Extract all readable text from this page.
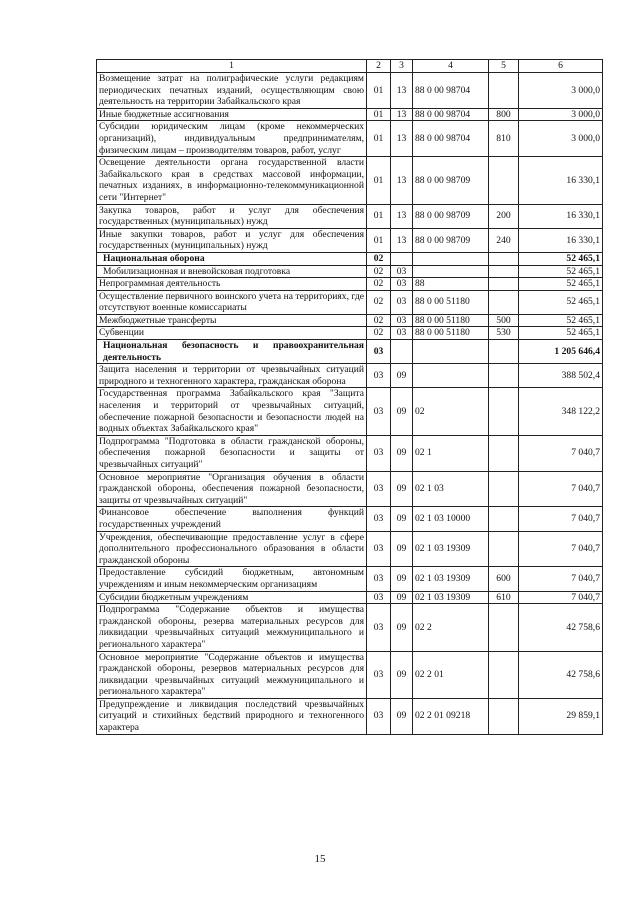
1	2	3	4	5	6
Возмещение затрат на полиграфические услуги редакциям периодических печатных изданий, осуществляющим свою деятельность на территории Забайкальского края	01	13	88 0 00 98704		3 000,0
Иные бюджетные ассигнования	01	13	88 0 00 98704	800	3 000,0
Субсидии юридическим лицам (кроме некоммерческих организаций), индивидуальным предпринимателям, физическим лицам – производителям товаров, работ, услуг	01	13	88 0 00 98704	810	3 000,0
Освещение деятельности органа государственной власти Забайкальского края в средствах массовой информации, печатных изданиях, в информационно-телекоммуникационной сети "Интернет"	01	13	88 0 00 98709		16 330,1
Закупка товаров, работ и услуг для обеспечения государственных (муниципальных) нужд	01	13	88 0 00 98709	200	16 330,1
Иные закупки товаров, работ и услуг для обеспечения государственных (муниципальных) нужд	01	13	88 0 00 98709	240	16 330,1
Национальная оборона	02				52 465,1
Мобилизационная и вневойсковая подготовка	02	03			52 465,1
Непрограммная деятельность	02	03	88		52 465,1
Осуществление первичного воинского учета на территориях, где отсутствуют военные комиссариаты	02	03	88 0 00 51180		52 465,1
Межбюджетные трансферты	02	03	88 0 00 51180	500	52 465,1
Субвенции	02	03	88 0 00 51180	530	52 465,1
Национальная безопасность и правоохранительная деятельность	03				1 205 646,4
Защита населения и территории от чрезвычайных ситуаций природного и техногенного характера, гражданская оборона	03	09			388 502,4
Государственная программа Забайкальского края "Защита населения и территорий от чрезвычайных ситуаций, обеспечение пожарной безопасности и безопасности людей на водных объектах Забайкальского края"	03	09	02		348 122,2
Подпрограмма "Подготовка в области гражданской обороны, обеспечения пожарной безопасности и защиты от чрезвычайных ситуаций"	03	09	02 1		7 040,7
Основное мероприятие "Организация обучения в области гражданской обороны, обеспечения пожарной безопасности, защиты от чрезвычайных ситуаций"	03	09	02 1 03		7 040,7
Финансовое обеспечение выполнения функций государственных учреждений	03	09	02 1 03 10000		7 040,7
Учреждения, обеспечивающие предоставление услуг в сфере дополнительного профессионального образования в области гражданской обороны	03	09	02 1 03 19309		7 040,7
Предоставление субсидий бюджетным, автономным учреждениям и иным некоммерческим организациям	03	09	02 1 03 19309	600	7 040,7
Субсидии бюджетным учреждениям	03	09	02 1 03 19309	610	7 040,7
Подпрограмма "Содержание объектов и имущества гражданской обороны, резерва материальных ресурсов для ликвидации чрезвычайных ситуаций межмуниципального и регионального характера"	03	09	02 2		42 758,6
Основное мероприятие "Содержание объектов и имущества гражданской обороны, резервов материальных ресурсов для ликвидации чрезвычайных ситуаций межмуниципального и регионального характера"	03	09	02 2 01		42 758,6
Предупреждение и ликвидация последствий чрезвычайных ситуаций и стихийных бедствий природного и техногенного характера	03	09	02 2 01 09218		29 859,1
15
